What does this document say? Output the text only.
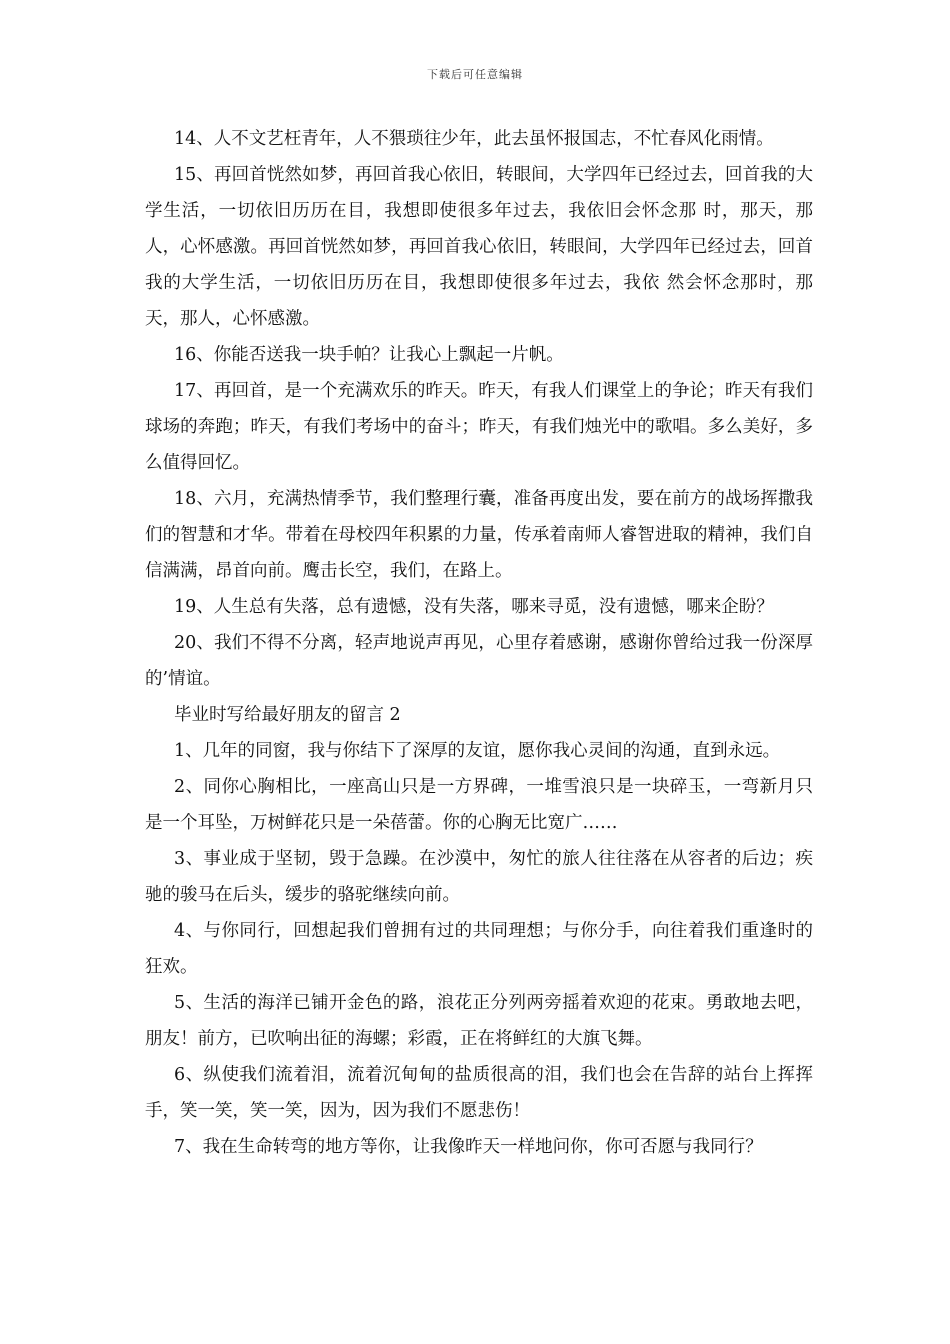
下载后可任意编辑
14、人不文艺枉青年，人不猥琐往少年，此去虽怀报国志，不忙春风化雨情。
15、再回首恍然如梦，再回首我心依旧，转眼间，大学四年已经过去，回首我的大学生活，一切依旧历历在目，我想即使很多年过去，我依旧会怀念那 时，那天，那人，心怀感激。再回首恍然如梦，再回首我心依旧，转眼间，大学四年已经过去，回首我的大学生活，一切依旧历历在目，我想即使很多年过去，我依 然会怀念那时，那天，那人，心怀感激。
16、你能否送我一块手帕？让我心上飘起一片帆。
17、再回首，是一个充满欢乐的昨天。昨天，有我人们课堂上的争论；昨天有我们球场的奔跑；昨天，有我们考场中的奋斗；昨天，有我们烛光中的歌唱。多么美好，多么值得回忆。
18、六月，充满热情季节，我们整理行囊，准备再度出发，要在前方的战场挥撒我们的智慧和才华。带着在母校四年积累的力量，传承着南师人睿智进取的精神，我们自信满满，昂首向前。鹰击长空，我们，在路上。
19、人生总有失落，总有遗憾，没有失落，哪来寻觅，没有遗憾，哪来企盼？
20、我们不得不分离，轻声地说声再见，心里存着感谢，感谢你曾给过我一份深厚的’情谊。
毕业时写给最好朋友的留言 2
1、几年的同窗，我与你结下了深厚的友谊，愿你我心灵间的沟通，直到永远。
2、同你心胸相比，一座高山只是一方界碑，一堆雪浪只是一块碎玉，一弯新月只是一个耳坠，万树鲜花只是一朵蓓蕾。你的心胸无比宽广……
3、事业成于坚韧，毁于急躁。在沙漠中，匆忙的旅人往往落在从容者的后边；疾驰的骏马在后头，缓步的骆驼继续向前。
4、与你同行，回想起我们曾拥有过的共同理想；与你分手，向往着我们重逢时的狂欢。
5、生活的海洋已铺开金色的路，浪花正分列两旁摇着欢迎的花束。勇敢地去吧，朋友！前方，已吹响出征的海螺；彩霞，正在将鲜红的大旗飞舞。
6、纵使我们流着泪，流着沉甸甸的盐质很高的泪，我们也会在告辞的站台上挥挥手，笑一笑，笑一笑，因为，因为我们不愿悲伤！
7、我在生命转弯的地方等你，让我像昨天一样地问你，你可否愿与我同行？
